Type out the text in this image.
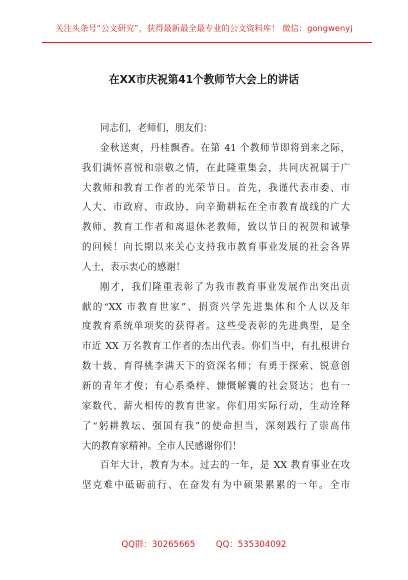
关注头条号“公文研究”，获得最新最全最专业的公文资料库！ 微信：gongwenyj
在XX市庆祝第41个教师节大会上的讲话
同志们，老师们，朋友们：
金秋送爽，丹桂飘香。在第 41 个教师节即将到来之际，
我们满怀喜悦和崇敬之情，在此隆重集会，共同庆祝属于广
大教师和教育工作者的光荣节日。首先，我谨代表市委、市
人大、市政府、市政协，向辛勤耕耘在全市教育战线的广大
教师、教育工作者和离退休老教师，致以节日的祝贺和诚挚
的问候！向长期以来关心支持我市教育事业发展的社会各界
人士，表示衷心的感谢！
刚才，我们隆重表彰了为我市教育事业发展作出突出贡
献的“XX 市教育世家”、捐资兴学先进集体和个人以及年
度教育系统单项奖的获得者。这些受表彰的先进典型，是全
市近 XX 万名教育工作者的杰出代表。你们当中，有扎根讲台
数十载、育得桃李满天下的资深名师；有勇于探索、锐意创
新的青年才俊；有心系桑梓、慷慨解囊的社会贤达；也有一
家数代、薪火相传的教育世家。你们用实际行动，生动诠释
了“躬耕教坛、强国有我”的使命担当，深刻践行了崇高伟
大的教育家精神。全市人民感谢你们！
百年大计，教育为本。过去的一年，是 XX 教育事业在攻
坚克难中砥砺前行、在奋发有为中硕果累累的一年。全市
QQ群：30265665 QQ：535304092
